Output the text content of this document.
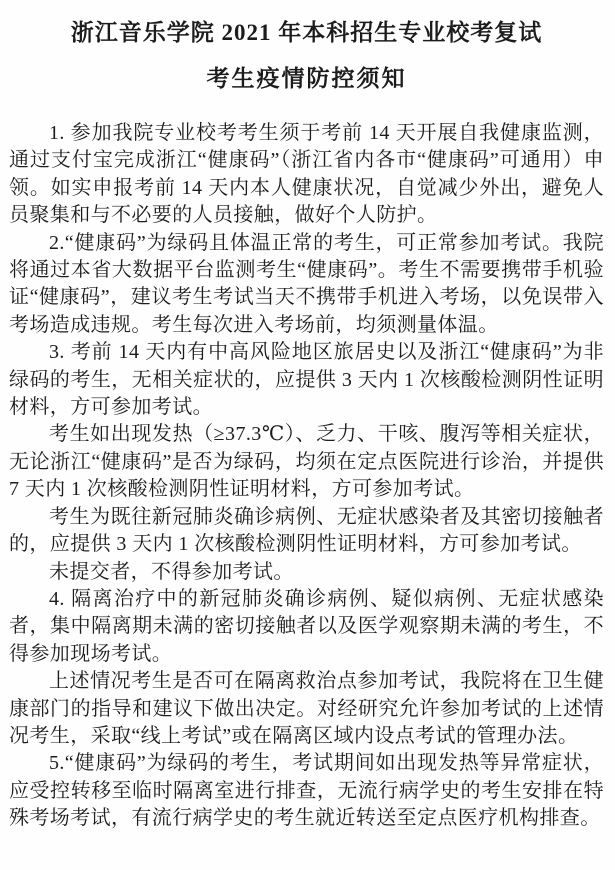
浙江音乐学院 2021 年本科招生专业校考复试
考生疫情防控须知

1. 参加我院专业校考考生须于考前 14 天开展自我健康监测，通过支付宝完成浙江“健康码”（浙江省内各市“健康码”可通用）申领。如实申报考前 14 天内本人健康状况，自觉减少外出，避免人员聚集和与不必要的人员接触，做好个人防护。

2.“健康码”为绿码且体温正常的考生，可正常参加考试。我院将通过本省大数据平台监测考生“健康码”。考生不需要携带手机验证“健康码”，建议考生考试当天不携带手机进入考场，以免误带入考场造成违规。考生每次进入考场前，均须测量体温。

3. 考前 14 天内有中高风险地区旅居史以及浙江“健康码”为非绿码的考生，无相关症状的，应提供 3 天内 1 次核酸检测阴性证明材料，方可参加考试。

考生如出现发热（≥37.3℃）、乏力、干咳、腹泻等相关症状，无论浙江“健康码”是否为绿码，均须在定点医院进行诊治，并提供 7 天内 1 次核酸检测阴性证明材料，方可参加考试。

考生为既往新冠肺炎确诊病例、无症状感染者及其密切接触者的，应提供 3 天内 1 次核酸检测阴性证明材料，方可参加考试。

未提交者，不得参加考试。

4. 隔离治疗中的新冠肺炎确诊病例、疑似病例、无症状感染者，集中隔离期未满的密切接触者以及医学观察期未满的考生，不得参加现场考试。

上述情况考生是否可在隔离救治点参加考试，我院将在卫生健康部门的指导和建议下做出决定。对经研究允许参加考试的上述情况考生，采取“线上考试”或在隔离区域内设点考试的管理办法。

5.“健康码”为绿码的考生，考试期间如出现发热等异常症状，应受控转移至临时隔离室进行排查，无流行病学史的考生安排在特殊考场考试，有流行病学史的考生就近转送至定点医疗机构排查。
